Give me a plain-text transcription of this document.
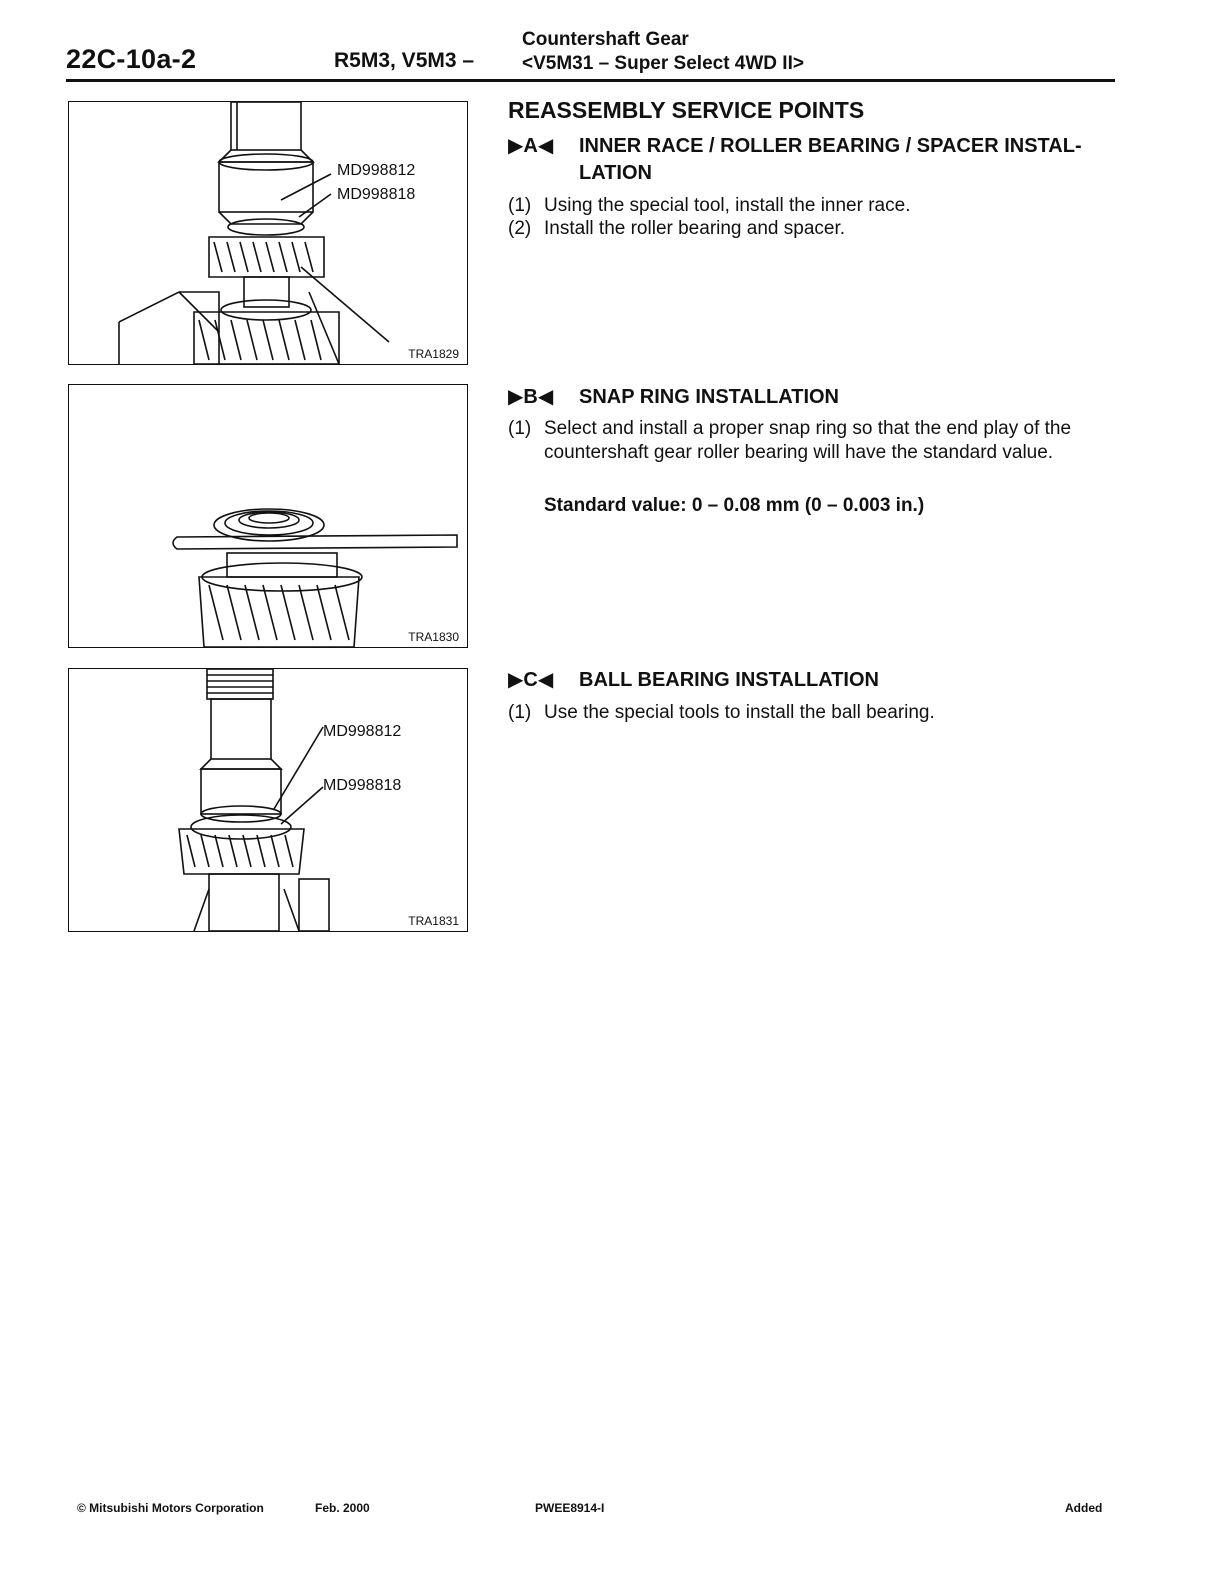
22C-10a-2	R5M3, V5M3 –
Countershaft Gear
<V5M31 – Super Select 4WD II>
MD998812
MD998818
TRA1829
TRA1830
MD998812
MD998818
TRA1831
REASSEMBLY SERVICE POINTS
▶A◀ INNER RACE / ROLLER BEARING / SPACER INSTAL-
LATION
(1) Using the special tool, install the inner race.
(2) Install the roller bearing and spacer.
▶B◀ SNAP RING INSTALLATION
(1) Select and install a proper snap ring so that the end play of the countershaft gear roller bearing will have the standard value.
Standard value: 0 – 0.08 mm (0 – 0.003 in.)
▶C◀ BALL BEARING INSTALLATION
(1) Use the special tools to install the ball bearing.
© Mitsubishi Motors Corporation	Feb. 2000	PWEE8914-I	Added
